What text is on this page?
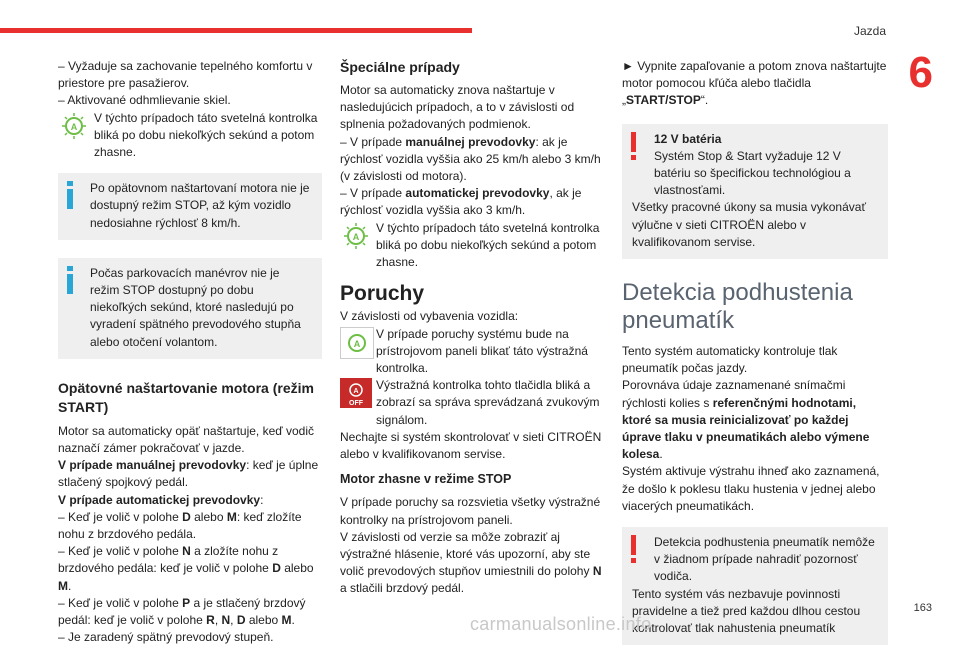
Jazda
6

– Vyžaduje sa zachovanie tepelného komfortu v priestore pre pasažierov.

– Aktivované odhmlievanie skiel.

A

V týchto prípadoch táto svetelná kontrolka bliká po dobu niekoľkých sekúnd a potom zhasne.

Po opätovnom naštartovaní motora nie je dostupný režim STOP, až kým vozidlo nedosiahne rýchlosť 8 km/h.

Počas parkovacích manévrov nie je režim STOP dostupný po dobu niekoľkých sekúnd, ktoré nasledujú po vyradení spätného prevodového stupňa alebo otočení volantom.

Opätovné naštartovanie motora (režim START)

Motor sa automaticky opäť naštartuje, keď vodič naznačí zámer pokračovať v jazde.

V prípade manuálnej prevodovky: keď je úplne stlačený spojkový pedál.

V prípade automatickej prevodovky:

– Keď je volič v polohe D alebo M: keď zložíte nohu z brzdového pedála.

– Keď je volič v polohe N a zložíte nohu z brzdového pedála: keď je volič v polohe D alebo M.

– Keď je volič v polohe P a je stlačený brzdový pedál: keď je volič v polohe R, N, D alebo M.

– Je zaradený spätný prevodový stupeň.

Špeciálne prípady

Motor sa automaticky znova naštartuje v nasledujúcich prípadoch, a to v závislosti od splnenia požadovaných podmienok.

– V prípade manuálnej prevodovky: ak je rýchlosť vozidla vyššia ako 25 km/h alebo 3 km/h (v závislosti od motora).

– V prípade automatickej prevodovky, ak je rýchlosť vozidla vyššia ako 3 km/h.

A

V týchto prípadoch táto svetelná kontrolka bliká po dobu niekoľkých sekúnd a potom zhasne.

Poruchy

V závislosti od vybavenia vozidla:

A

V prípade poruchy systému bude na prístrojovom paneli blikať táto výstražná kontrolka.

A
OFF

Výstražná kontrolka tohto tlačidla bliká a zobrazí sa správa sprevádzaná zvukovým signálom.

Nechajte si systém skontrolovať v sieti CITROËN alebo v kvalifikovanom servise.

Motor zhasne v režime STOP

V prípade poruchy sa rozsvietia všetky výstražné kontrolky na prístrojovom paneli.

V závislosti od verzie sa môže zobraziť aj výstražné hlásenie, ktoré vás upozorní, aby ste volič prevodových stupňov umiestnili do polohy N a stlačili brzdový pedál.

► Vypnite zapaľovanie a potom znova naštartujte motor pomocou kľúča alebo tlačidla „START/STOP“.

12 V batéria

Systém Stop & Start vyžaduje 12 V batériu so špecifickou technológiou a vlastnosťami.

Všetky pracovné úkony sa musia vykonávať výlučne v sieti CITROËN alebo v kvalifikovanom servise.

Detekcia podhustenia pneumatík

Tento systém automaticky kontroluje tlak pneumatík počas jazdy.

Porovnáva údaje zaznamenané snímačmi rýchlosti kolies s referenčnými hodnotami, ktoré sa musia reinicializovať po každej úprave tlaku v pneumatikách alebo výmene kolesa.

Systém aktivuje výstrahu ihneď ako zaznamená, že došlo k poklesu tlaku hustenia v jednej alebo viacerých pneumatikách.

Detekcia podhustenia pneumatík nemôže v žiadnom prípade nahradiť pozornosť vodiča.

Tento systém vás nezbavuje povinnosti pravidelne a tiež pred každou dlhou cestou kontrolovať tlak nahustenia pneumatík

163
carmanualsonline.info
